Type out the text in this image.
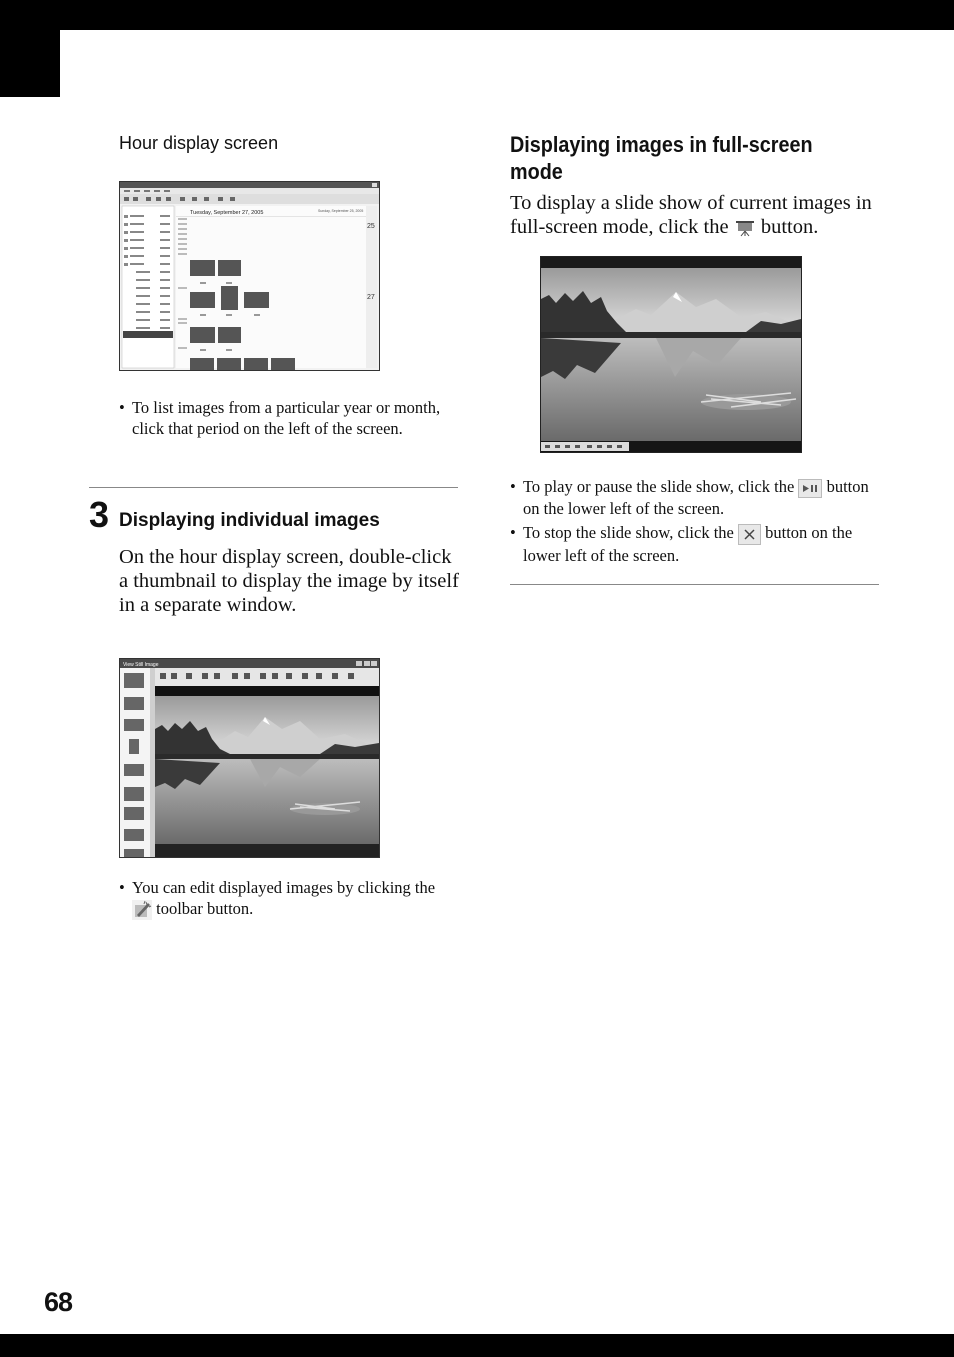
68
Hour display screen
Tuesday, September 27, 2005	Sunday, September 25, 2005
25
27
• To list images from a particular year or month, click that period on the left of the screen.
3 Displaying individual images
On the hour display screen, double-click a thumbnail to display the image by itself in a separate window.
View Still Image
• You can edit displayed images by clicking the  toolbar button.
Displaying images in full-screen mode
To display a slide show of current images in full-screen mode, click the button.
• To play or pause the slide show, click the button on the lower left of the screen.
• To stop the slide show, click the button on the lower left of the screen.
